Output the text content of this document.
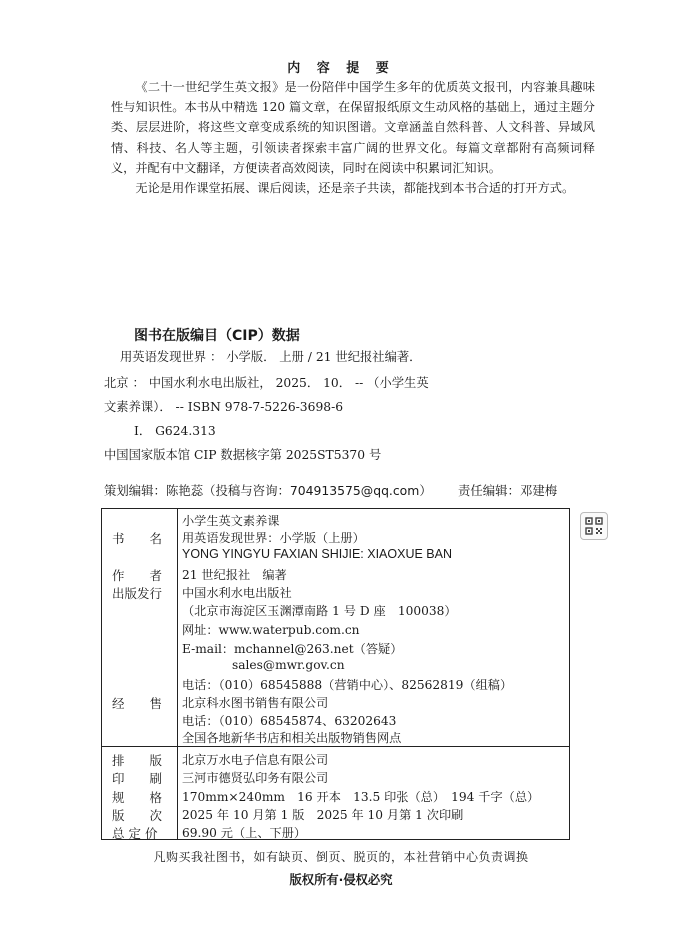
内 容 提 要

《二十一世纪学生英文报》是一份陪伴中国学生多年的优质英文报刊，内容兼具趣味性与知识性。本书从中精选 120 篇文章，在保留报纸原文生动风格的基础上，通过主题分类、层层进阶，将这些文章变成系统的知识图谱。文章涵盖自然科普、人文科普、异域风情、科技、名人等主题，引领读者探索丰富广阔的世界文化。每篇文章都附有高频词释义，并配有中文翻译，方便读者高效阅读，同时在阅读中积累词汇知识。

无论是用作课堂拓展、课后阅读，还是亲子共读，都能找到本书合适的打开方式。

图书在版编目（CIP）数据
用英语发现世界 ： 小学版． 上册 / 21 世纪报社编著．
北京 ： 中国水利水电出版社， 2025． 10． -- （小学生英
文素养课）． -- ISBN 978-7-5226-3698-6
Ⅰ． G624.313
中国国家版本馆 CIP 数据核字第 2025ST5370 号
策划编辑：陈艳蕊（投稿与咨询：704913575@qq.com） 责任编辑：邓建梅
小学生英文素养课
书　　名 用英语发现世界：小学版（上册）
YONG YINGYU FAXIAN SHIJIE: XIAOXUE BAN
作　　者	21 世纪报社　编著
出版发行	中国水利水电出版社
（北京市海淀区玉渊潭南路 1 号 D 座　100038）
网址：www.waterpub.com.cn
E-mail：mchannel@263.net（答疑）
sales@mwr.gov.cn
电话：（010）68545888（营销中心）、82562819（组稿）
经　　售	北京科水图书销售有限公司
电话：（010）68545874、63202643
全国各地新华书店和相关出版物销售网点
排　　版	北京万水电子信息有限公司
印　　刷	三河市德贤弘印务有限公司
规　　格	170mm×240mm　16 开本　13.5 印张（总）　194 千字（总）
版　　次	2025 年 10 月第 1 版　2025 年 10 月第 1 次印刷
总 定 价	69.90 元（上、下册）
凡购买我社图书，如有缺页、倒页、脱页的，本社营销中心负责调换
版权所有·侵权必究
